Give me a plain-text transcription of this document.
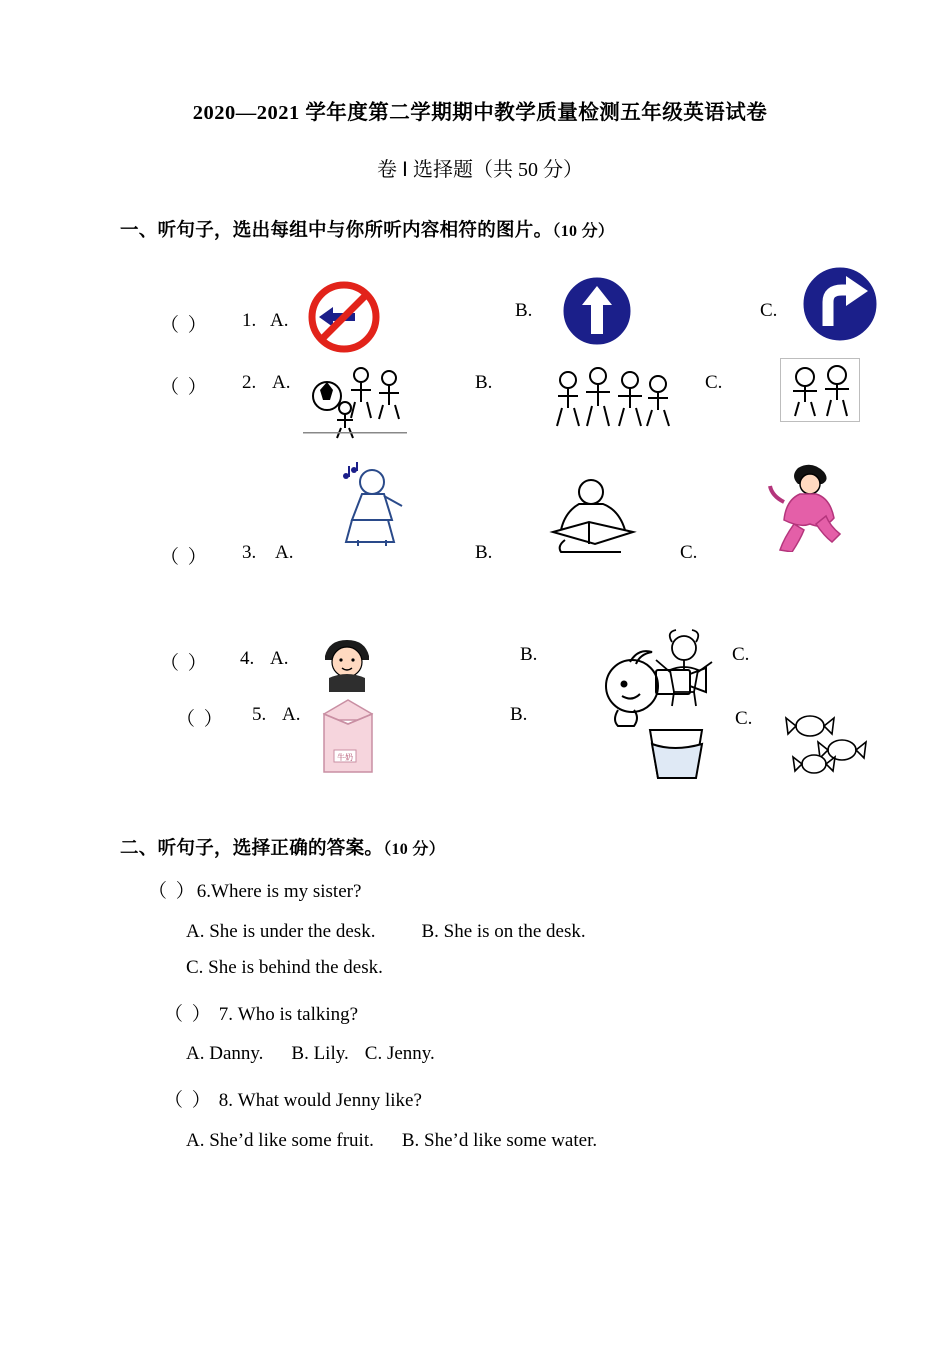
2020—2021 学年度第二学期期中教学质量检测五年级英语试卷
卷 Ⅰ 选择题（共 50 分）
一、听句子，选出每组中与你所听内容相符的图片。（10 分）
（ ） 1. A.	B.	C.
（ ） 2. A.	B.	C.
（ ） 3. A.	B.	C.
（ ） 4. A.	B.	C.
（ ） 5. A.	B.	C.
牛奶
二、听句子，选择正确的答案。（10 分）
（ ）6.Where is my sister?
A. She is under the desk. B. She is on the desk.
C. She is behind the desk.
（ ） 7. Who is talking?
A. Danny. B. Lily. C. Jenny.
（ ） 8. What would Jenny like?
A. She’d like some fruit. B. She’d like some water.
